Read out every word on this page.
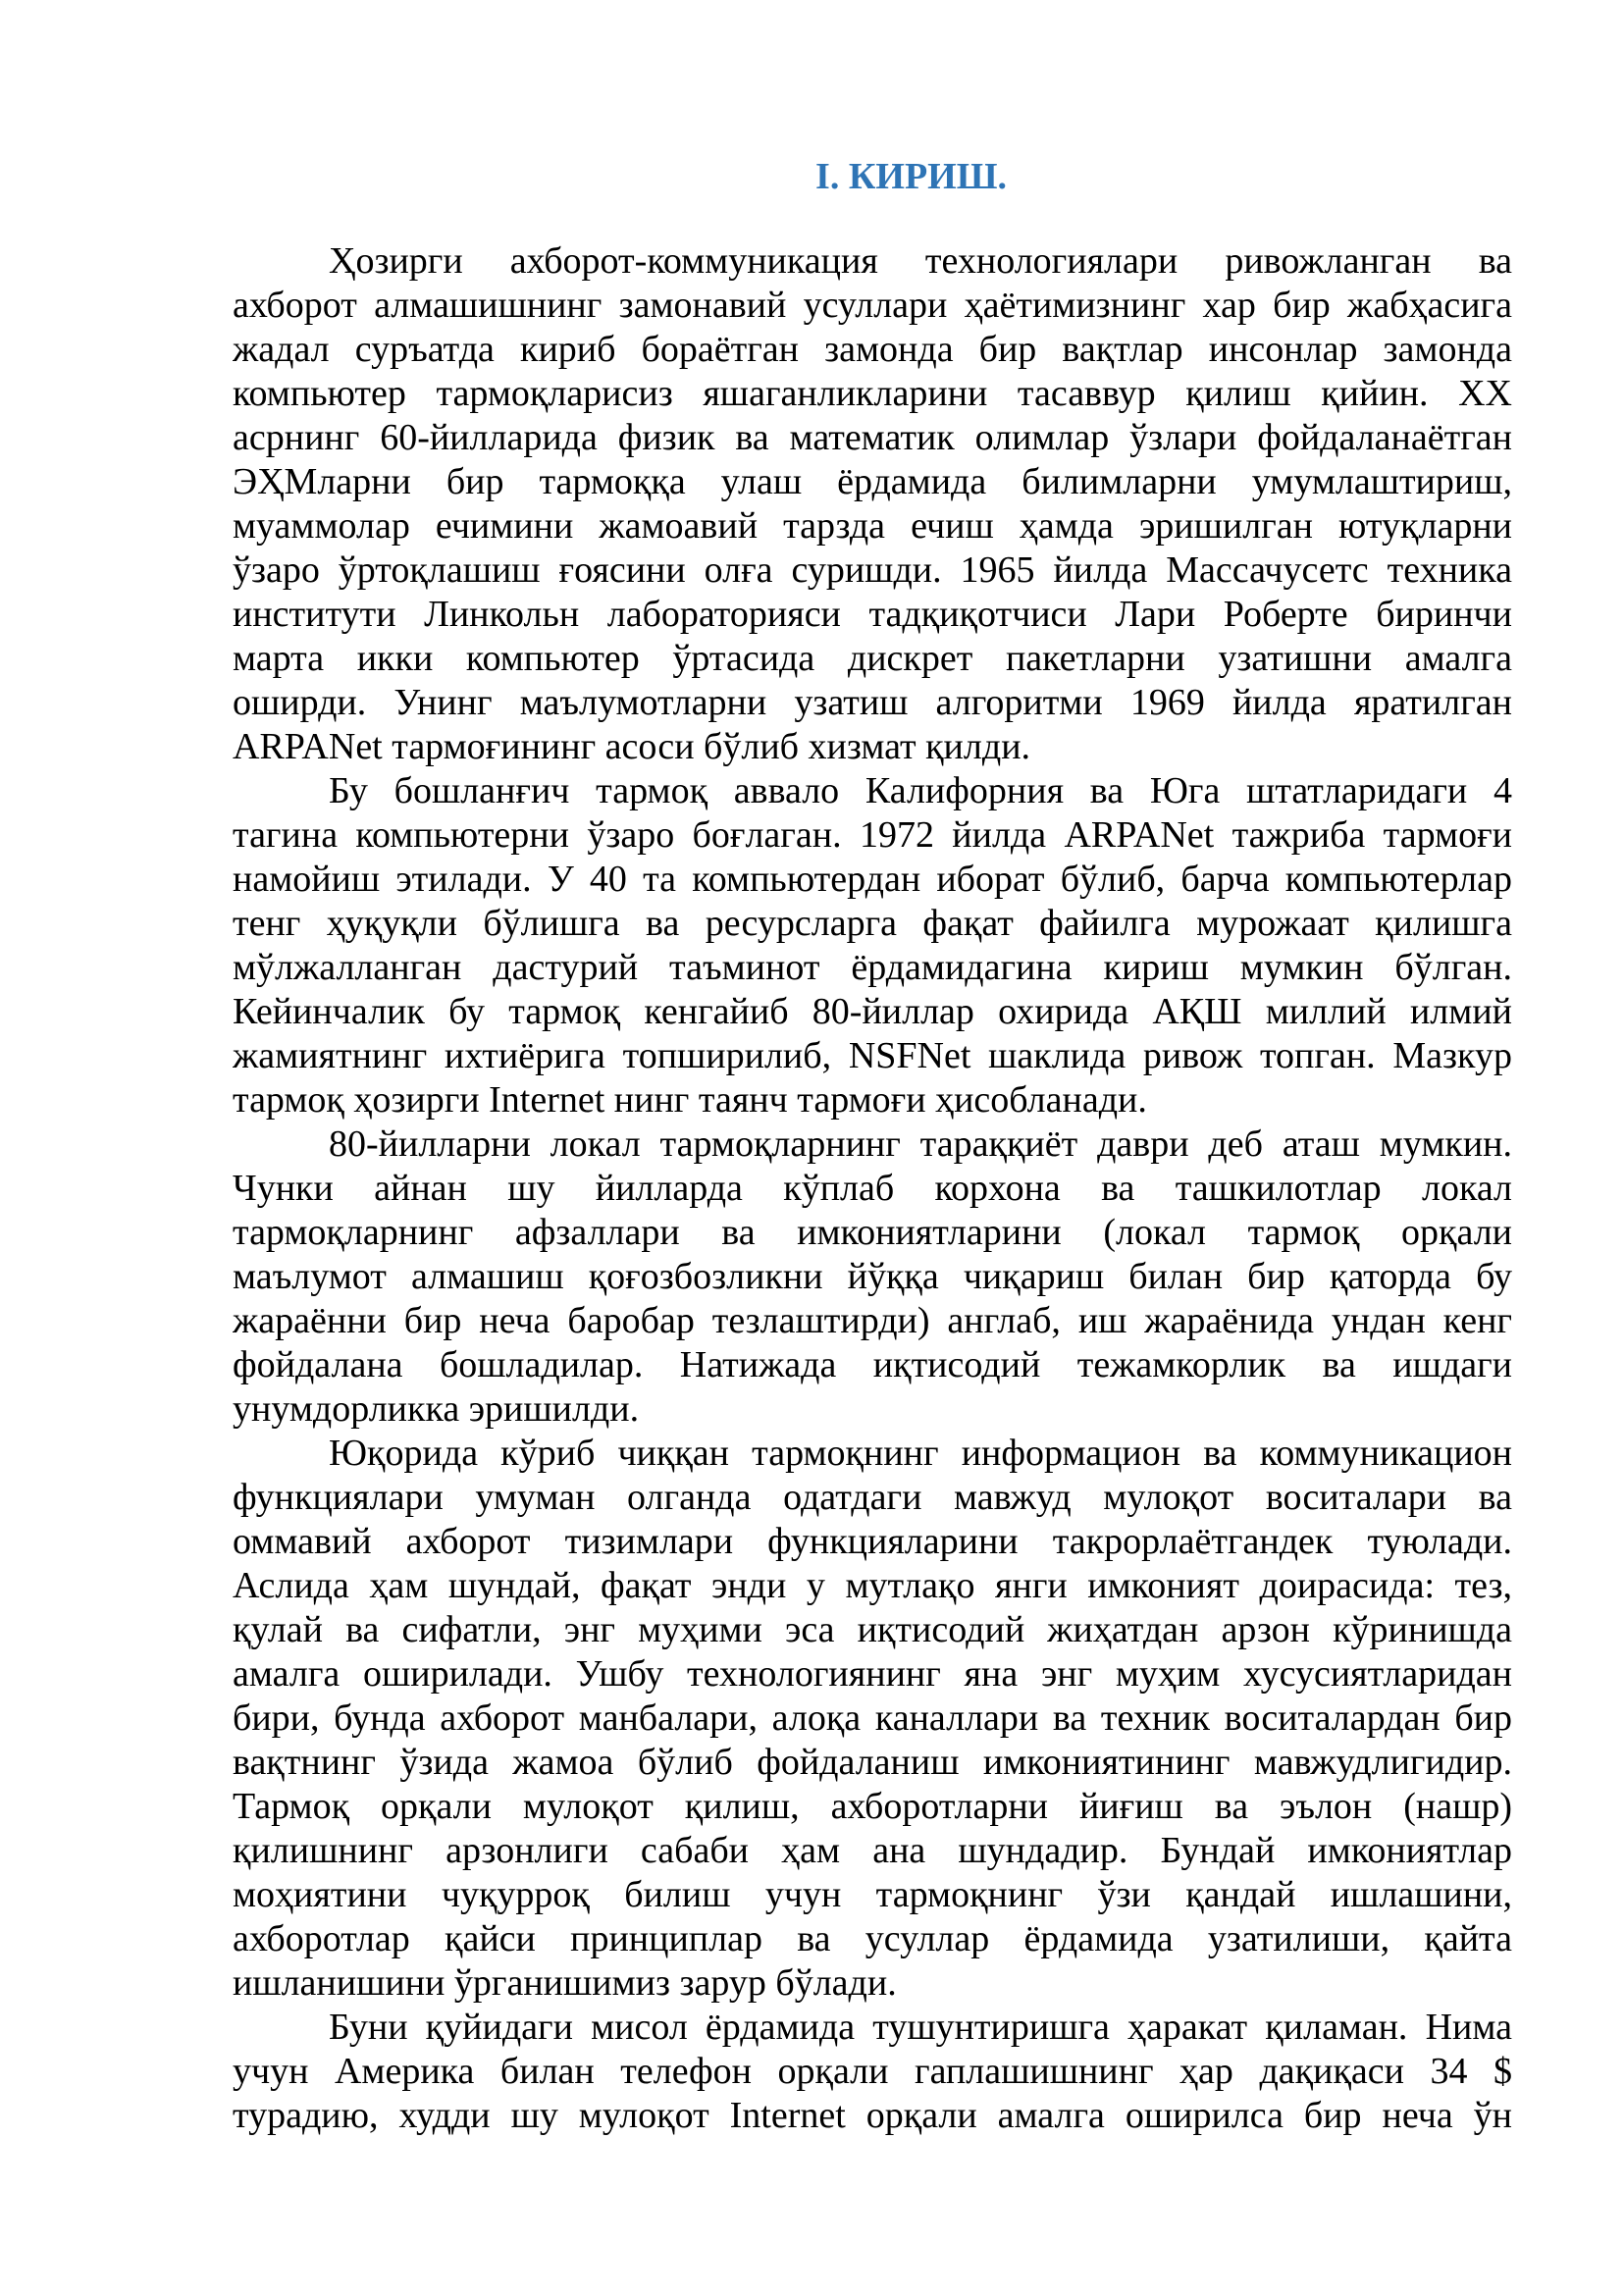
I. КИРИШ.
Ҳозирги ахборот-коммуникация технологиялари ривожланган ва
ахборот алмашишнинг замонавий усуллари ҳаётимизнинг хар бир жабҳасига
жадал суръатда кириб бораётган замонда бир вақтлар инсонлар замонда
компьютер тармоқларисиз яшаганликларини тасаввур қилиш қийин. XX
асрнинг 60-йилларида физик ва математик олимлар ўзлари фойдаланаётган
ЭҲМларни бир тармоққа улаш ёрдамида билимларни умумлаштириш,
муаммолар ечимини жамоавий тарзда ечиш ҳамда эришилган ютуқларни
ўзаро ўртоқлашиш ғоясини олға суришди. 1965 йилда Массачусетс техника
институти Линкольн лабораторияси тадқиқотчиси Лари Роберте биринчи
марта икки компьютер ўртасида дискрет пакетларни узатишни амалга
оширди. Унинг маълумотларни узатиш алгоритми 1969 йилда яратилган
ARPANet тармоғининг асоси бўлиб хизмат қилди.
Бу бошланғич тармоқ аввало Калифорния ва Юга штатларидаги 4
тагина компьютерни ўзаро боғлаган. 1972 йилда ARPANet тажриба тармоғи
намойиш этилади. У 40 та компьютердан иборат бўлиб, барча компьютерлар
тенг ҳуқуқли бўлишга ва ресурсларга фақат файилга мурожаат қилишга
мўлжалланган дастурий таъминот ёрдамидагина кириш мумкин бўлган.
Кейинчалик бу тармоқ кенгайиб 80-йиллар охирида АҚШ миллий илмий
жамиятнинг ихтиёрига топширилиб, NSFNet шаклида ривож топган. Мазкур
тармоқ ҳозирги Internet нинг таянч тармоғи ҳисобланади.
80-йилларни локал тармоқларнинг тараққиёт даври деб аташ мумкин.
Чунки айнан шу йилларда кўплаб корхона ва ташкилотлар локал
тармоқларнинг афзаллари ва имкониятларини (локал тармоқ орқали
маълумот алмашиш қоғозбозликни йўққа чиқариш билан бир қаторда бу
жараённи бир неча баробар тезлаштирди) англаб, иш жараёнида ундан кенг
фойдалана бошладилар. Натижада иқтисодий тежамкорлик ва ишдаги
унумдорликка эришилди.
Юқорида кўриб чиққан тармоқнинг информацион ва коммуникацион
функциялари умуман олганда одатдаги мавжуд мулоқот воситалари ва
оммавий ахборот тизимлари функцияларини такрорлаётгандек туюлади.
Аслида ҳам шундай, фақат энди у мутлақо янги имконият доирасида: тез,
қулай ва сифатли, энг муҳими эса иқтисодий жиҳатдан арзон кўринишда
амалга оширилади. Ушбу технологиянинг яна энг муҳим хусусиятларидан
бири, бунда ахборот манбалари, алоқа каналлари ва техник воситалардан бир
вақтнинг ўзида жамоа бўлиб фойдаланиш имкониятининг мавжудлигидир.
Тармоқ орқали мулоқот қилиш, ахборотларни йиғиш ва эълон (нашр)
қилишнинг арзонлиги сабаби ҳам ана шундадир. Бундай имкониятлар
моҳиятини чуқурроқ билиш учун тармоқнинг ўзи қандай ишлашини,
ахборотлар қайси принциплар ва усуллар ёрдамида узатилиши, қайта
ишланишини ўрганишимиз зарур бўлади.
Буни қуйидаги мисол ёрдамида тушунтиришга ҳаракат қиламан. Нима
учун Америка билан телефон орқали гаплашишнинг ҳар дақиқаси 34 $
турадию, худди шу мулоқот Internet орқали амалга оширилса бир неча ўн
